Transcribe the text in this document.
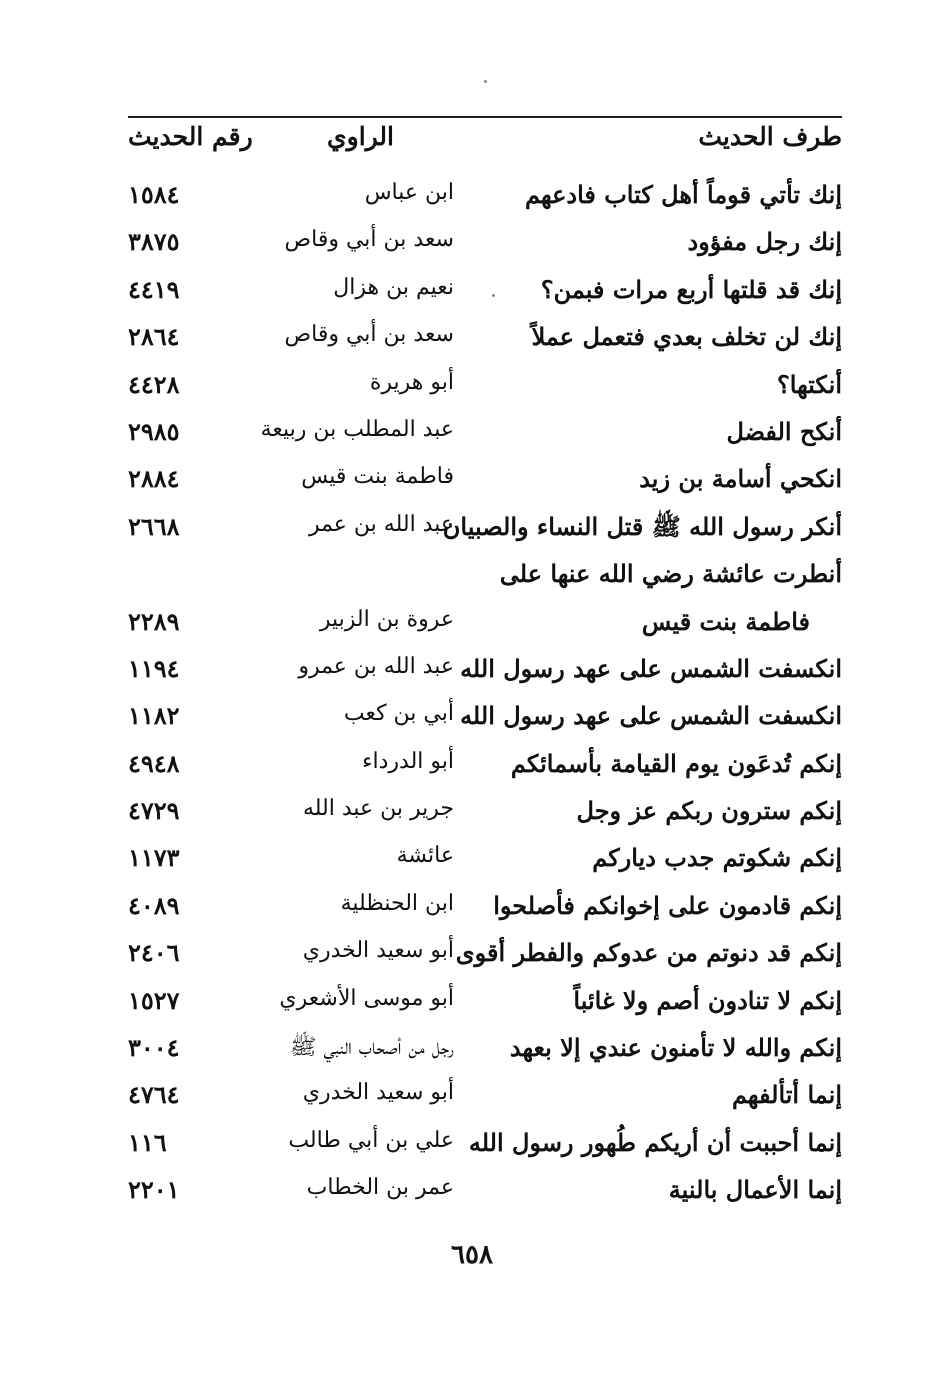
طرف الحديث
الراوي
رقم الحديث
إنك تأتي قوماً أهل كتاب فادعهم
ابن عباس
١٥٨٤
إنك رجل مفؤود
سعد بن أبي وقاص
٣٨٧٥
إنك قد قلتها أربع مرات فبمن؟
نعيم بن هزال
٤٤١٩
إنك لن تخلف بعدي فتعمل عملاً
سعد بن أبي وقاص
٢٨٦٤
أنكتها؟
أبو هريرة
٤٤٢٨
أنكح الفضل
عبد المطلب بن ربيعة
٢٩٨٥
انكحي أسامة بن زيد
فاطمة بنت قيس
٢٨٨٤
أنكر رسول الله ﷺ قتل النساء والصبيان
عبد الله بن عمر
٢٦٦٨
أنطرت عائشة رضي الله عنها على
فاطمة بنت قيس
عروة بن الزبير
٢٢٨٩
انكسفت الشمس على عهد رسول الله
عبد الله بن عمرو
١١٩٤
انكسفت الشمس على عهد رسول الله
أبي بن كعب
١١٨٢
إنكم تُدعَون يوم القيامة بأسمائكم
أبو الدرداء
٤٩٤٨
إنكم سترون ربكم عز وجل
جرير بن عبد الله
٤٧٢٩
إنكم شكوتم جدب دياركم
عائشة
١١٧٣
إنكم قادمون على إخوانكم فأصلحوا
ابن الحنظلية
٤٠٨٩
إنكم قد دنوتم من عدوكم والفطر أقوى
أبو سعيد الخدري
٢٤٠٦
إنكم لا تنادون أصم ولا غائباً
أبو موسى الأشعري
١٥٢٧
إنكم والله لا تأمنون عندي إلا بعهد
رجل من أصحاب النبي ﷺ
٣٠٠٤
إنما أتألفهم
أبو سعيد الخدري
٤٧٦٤
إنما أحببت أن أريكم طُهور رسول الله
علي بن أبي طالب
١١٦
إنما الأعمال بالنية
عمر بن الخطاب
٢٢٠١
٦٥٨
